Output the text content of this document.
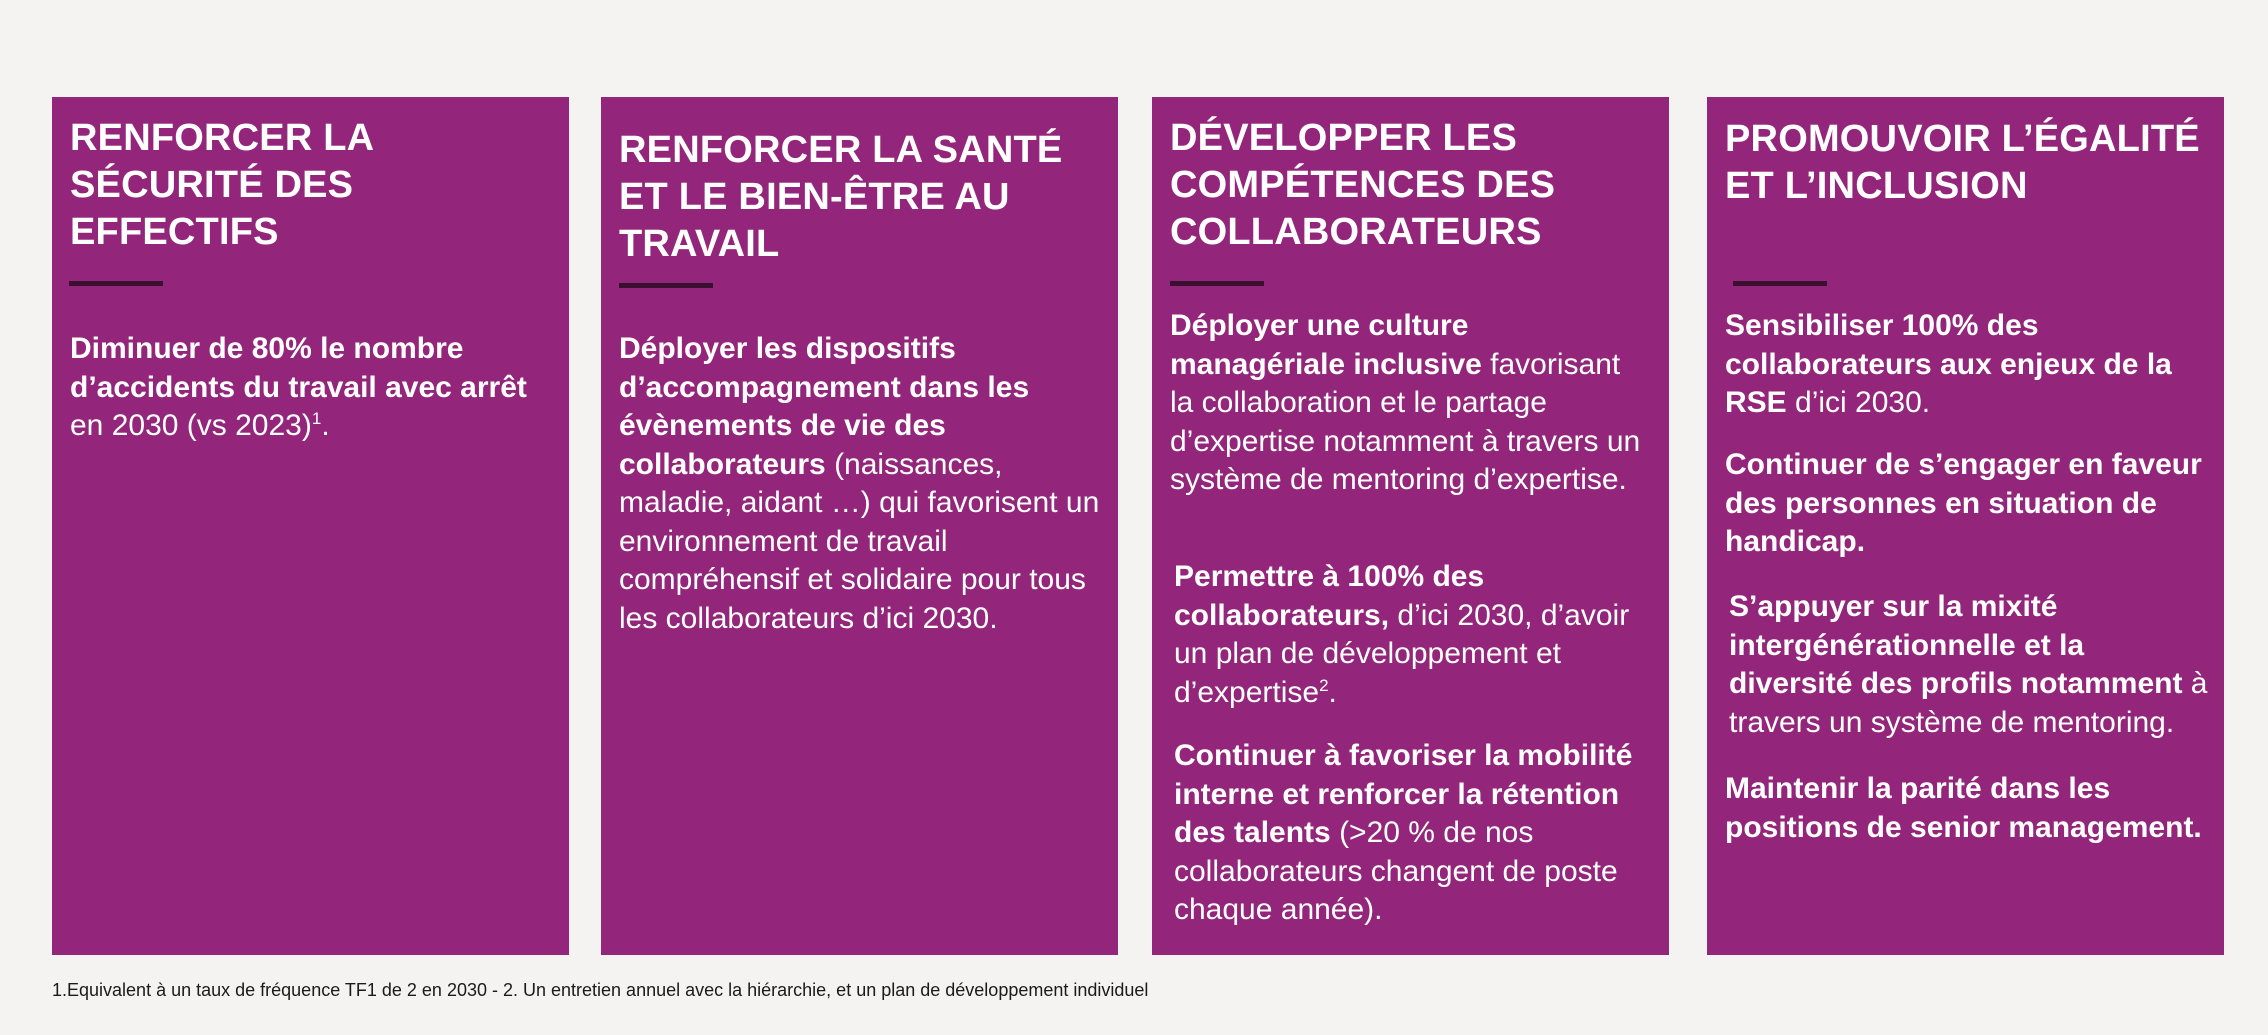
RENFORCER LA SÉCURITÉ DES EFFECTIFS

Diminuer de 80% le nombre d’accidents du travail avec arrêt en 2030 (vs 2023)$^1$.

RENFORCER LA SANTÉ ET LE BIEN-ÊTRE AU TRAVAIL

Déployer les dispositifs d’accompagnement dans les évènements de vie des collaborateurs (naissances, maladie, aidant …) qui favorisent un environnement de travail compréhensif et solidaire pour tous les collaborateurs d’ici 2030.

DÉVELOPPER LES COMPÉTENCES DES COLLABORATEURS

Déployer une culture managériale inclusive favorisant la collaboration et le partage d’expertise notamment à travers un système de mentoring d’expertise.

Permettre à 100% des collaborateurs, d’ici 2030, d’avoir un plan de développement et d’expertise$^2$.

Continuer à favoriser la mobilité interne et renforcer la rétention des talents (>20 % de nos collaborateurs changent de poste chaque année).

PROMOUVOIR L’ÉGALITÉ ET L’INCLUSION

Sensibiliser 100% des collaborateurs aux enjeux de la RSE d’ici 2030.

Continuer de s’engager en faveur des personnes en situation de handicap.

S’appuyer sur la mixité intergénérationnelle et la diversité des profils notamment à travers un système de mentoring.

Maintenir la parité dans les positions de senior management.

1.Equivalent à un taux de fréquence TF1 de 2 en 2030 - 2. Un entretien annuel avec la hiérarchie, et un plan de développement individuel
